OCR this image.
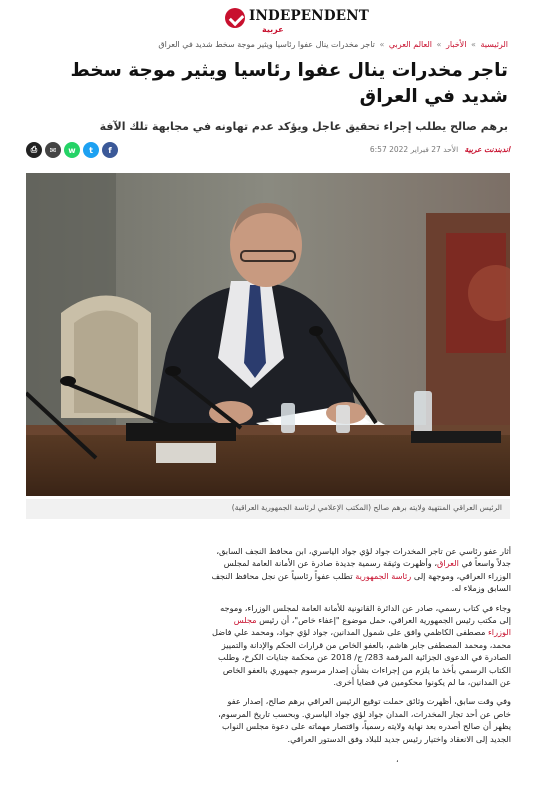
INDEPENDENT
عربية
الرئيسية » الأخبار » العالم العربي » تاجر مخدرات ينال عفوا رئاسيا ويثير موجة سخط شديد في العراق
تاجر مخدرات ينال عفوا رئاسيا ويثير موجة سخط شديد في العراق
برهم صالح يطلب إجراء تحقيق عاجل ويؤكد عدم تهاونه في مجابهة تلك الآفة
اندبندنت عربية الأحد 27 فبراير 2022 6:57
⎙	✉	w	t	f
الرئيس العراقي المنتهية ولايته برهم صالح (المكتب الإعلامي لرئاسة الجمهورية العراقية)

أثار عفو رئاسي عن تاجر المخدرات جواد لؤي جواد الياسري، ابن محافظ النجف السابق، جدلاً واسعاً في العراق، وأظهرت وثيقة رسمية جديدة صادرة عن الأمانة العامة لمجلس الوزراء العراقي، وموجهة إلى رئاسة الجمهورية تطلب عفواً رئاسياً عن نجل محافظ النجف السابق وزملاء له.

وجاء في كتاب رسمي، صادر عن الدائرة القانونية للأمانة العامة لمجلس الوزراء، وموجه إلى مكتب رئيس الجمهورية العراقي، حمل موضوع "إعفاء خاص"، أن رئيس مجلس الوزراء مصطفى الكاظمي وافق على شمول المدانين، جواد لؤي جواد، ومحمد علي فاضل محمد، ومحمد المصطفى جابر هاشم، بالعفو الخاص من قرارات الحكم والإدانة والتمييز الصادرة في الدعوى الجزائية المرقمة 283/ ج/ 2018 عن محكمة جنايات الكرخ، وطلب الكتاب الرسمي بأخذ ما يلزم من إجراءات بشأن إصدار مرسوم جمهوري بالعفو الخاص عن المدانين، ما لم يكونوا محكومين في قضايا أخرى.

وفي وقت سابق، أظهرت وثائق حملت توقيع الرئيس العراقي برهم صالح، إصدار عفو خاص عن أحد تجار المخدرات، المدان جواد لؤي جواد الياسري. وبحسب تاريخ المرسوم، يظهر أن صالح أصدره بعد نهاية ولايته رسمياً، واقتصار مهماته على دعوة مجلس النواب الجديد إلى الانعقاد واختيار رئيس جديد للبلاد وفق الدستور العراقي.

،
